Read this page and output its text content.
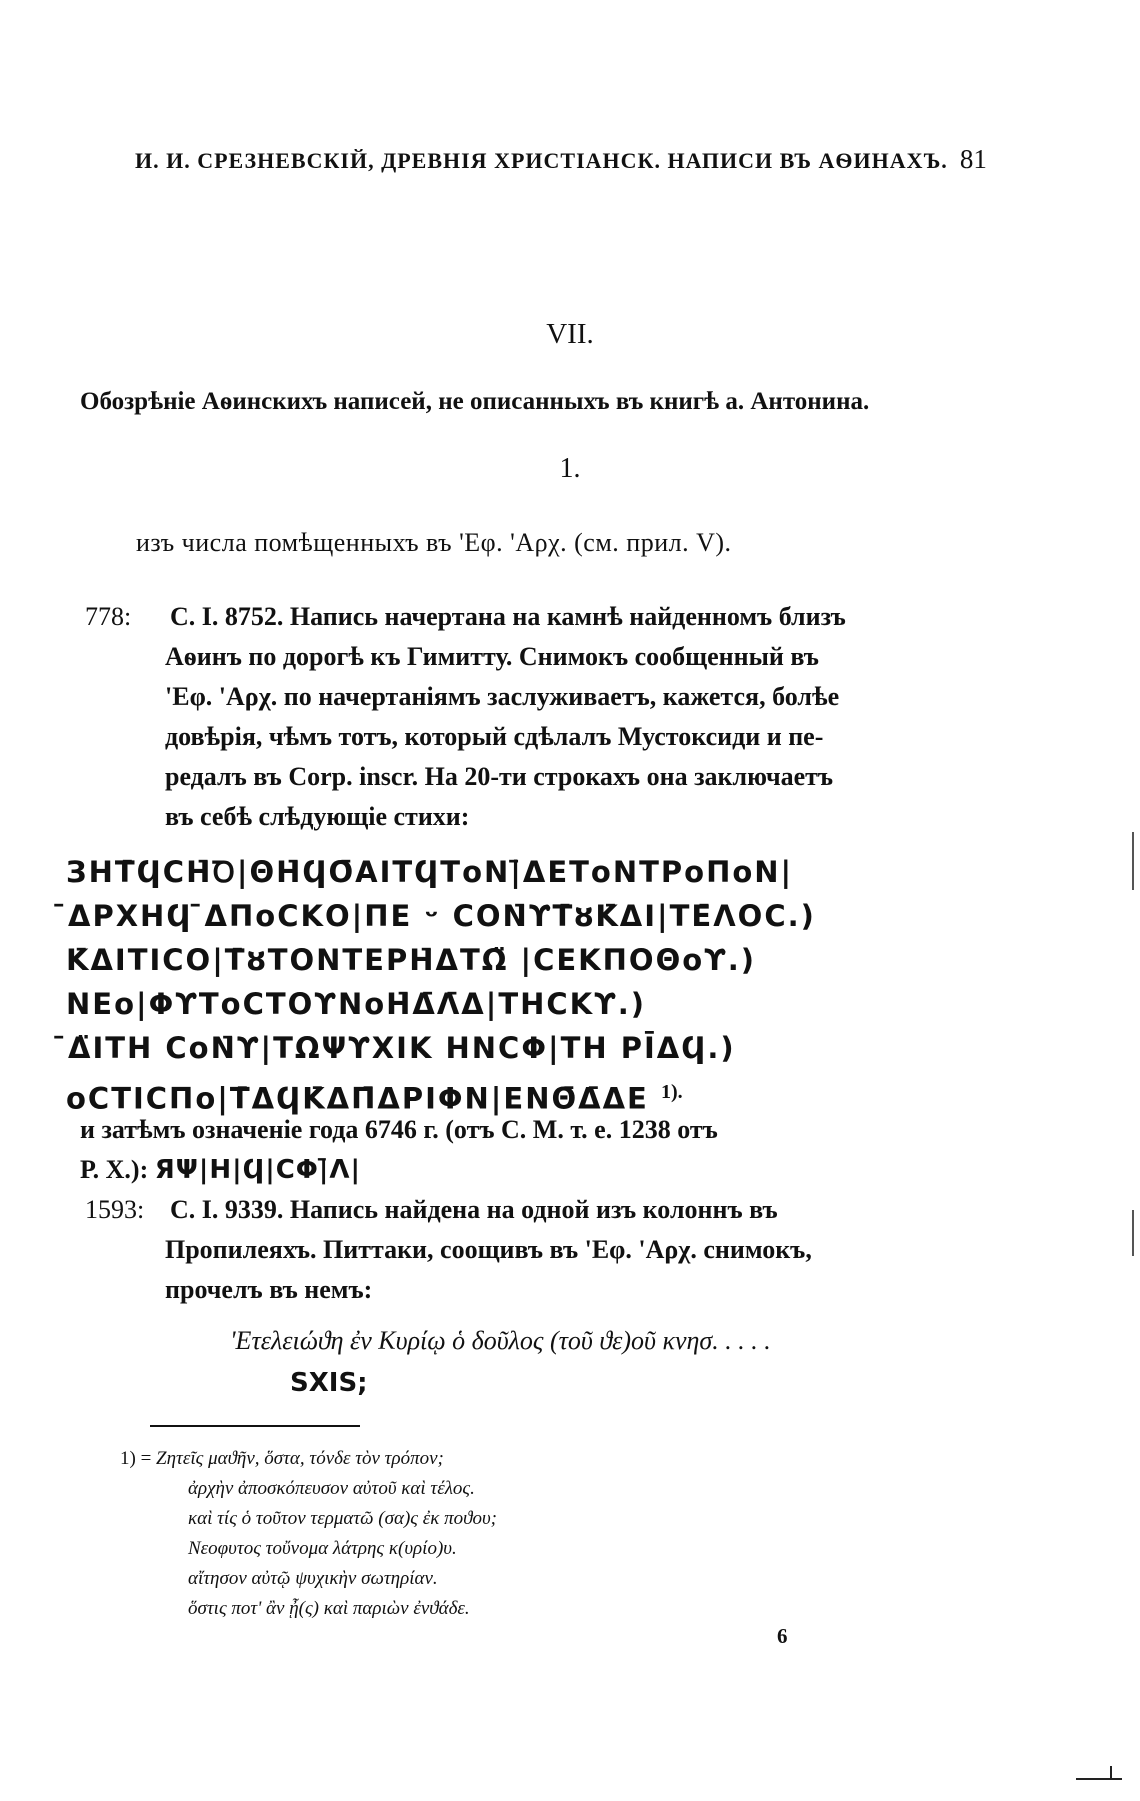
И. И. СРЕЗНЕВСКІЙ, ДРЕВНІЯ ХРИСТІАНСК. НАПИСИ ВЪ АѲИНАХЪ. 81
VII.
Обозрѣніе Аѳинскихъ написей, не описанныхъ въ книгѣ а. Антонина.
1.
изъ числа помѣщенныхъ въ 'Еφ. 'Αρχ. (см. прил. V).
778:	С. I. 8752. Напись начертана на камнѣ найденномъ близъ
Аѳинъ по дорогѣ къ Гимитту. Снимокъ сообщенный въ
'Εφ. 'Αρχ. по начертаніямъ заслуживаетъ, кажется, болѣе
довѣрія, чѣмъ тотъ, который сдѣлалъ Мустоксиди и пе-
редалъ въ Corp. inscr. На 20-ти строкахъ она заключаетъ
въ себѣ слѣдующіе стихи:
ЗΗΤ̄ϤСΗ̄Ꝺ|ΘΗ̄ϤΟ̄ΑΙΤϤΤοΝ|̄ΔΕΤοΝΤΡοΠοΝ|
̄ΔΡΧΗϤ ̄ΔΠοСΚΟ|ΠΕ ᵕ СΟΝ̄ϒΤ̄ȣΚ̄ΔΙ|ΤΕ̄ΛΟС.)
Κ̄ΔΙΤΙСΟ|Τ̄ȣΤΟΝΤΕΡΗ̄ΔΤΩ̈ |СΕΚΠΟΘοϒ.)
ΝΕο|ΦϒΤοСΤΟϒΝοΗ̄Δ̄Λ̄Δ|ΤΗСΚϒ.)
̄Δ̈ΙΤΗ СοΝ̄ϒ|ΤΩΨϒΧΙΚ ΗΝСΦ|ΤΗ ΡῙΔϤ.)
οСΤΙСΠο|Τ̄ΔϤΚ̄ΔΠ̄ΔΡΙΦΝ|ΕΝΘ̄Δ̄ΔΕ $^{1).}$
и затѣмъ означеніе года 6746 г. (отъ С. М. т. е. 1238 отъ
Р. X.): ЯΨ|Η|Ϥ|СΦ|̄Λ|
1593: С. I. 9339. Напись найдена на одной изъ колоннъ въ
Пропилеяхъ. Питтаки, соощивъ въ 'Εφ. 'Αρχ. снимокъ,
прочелъ въ немъ:
'Ετελειώϑη ἐν Κυρίῳ ὁ δοῦλος (τοῦ ϑε)οῦ κνησ. . . . .
SXIS;
1) = Ζητεῖς μαϑῆν, ὅστα, τόνδε τὸν τρόπον;
ἀρχὴν ἀποσκόπευσον αὐτοῦ καὶ τέλος.
καὶ τίς ὁ τοῦτον τερματῶ (σα)ς ἐκ ποϑου;
Νεοφυτος τοὔνομα λάτρης κ(υρίο)υ.
αἴτησον αὐτῷ ψυχικὴν σωτηρίαν.
ὅστις ποτ' ἂν ᾖ(ς) καὶ παριὼν ἐνϑάδε.
6
